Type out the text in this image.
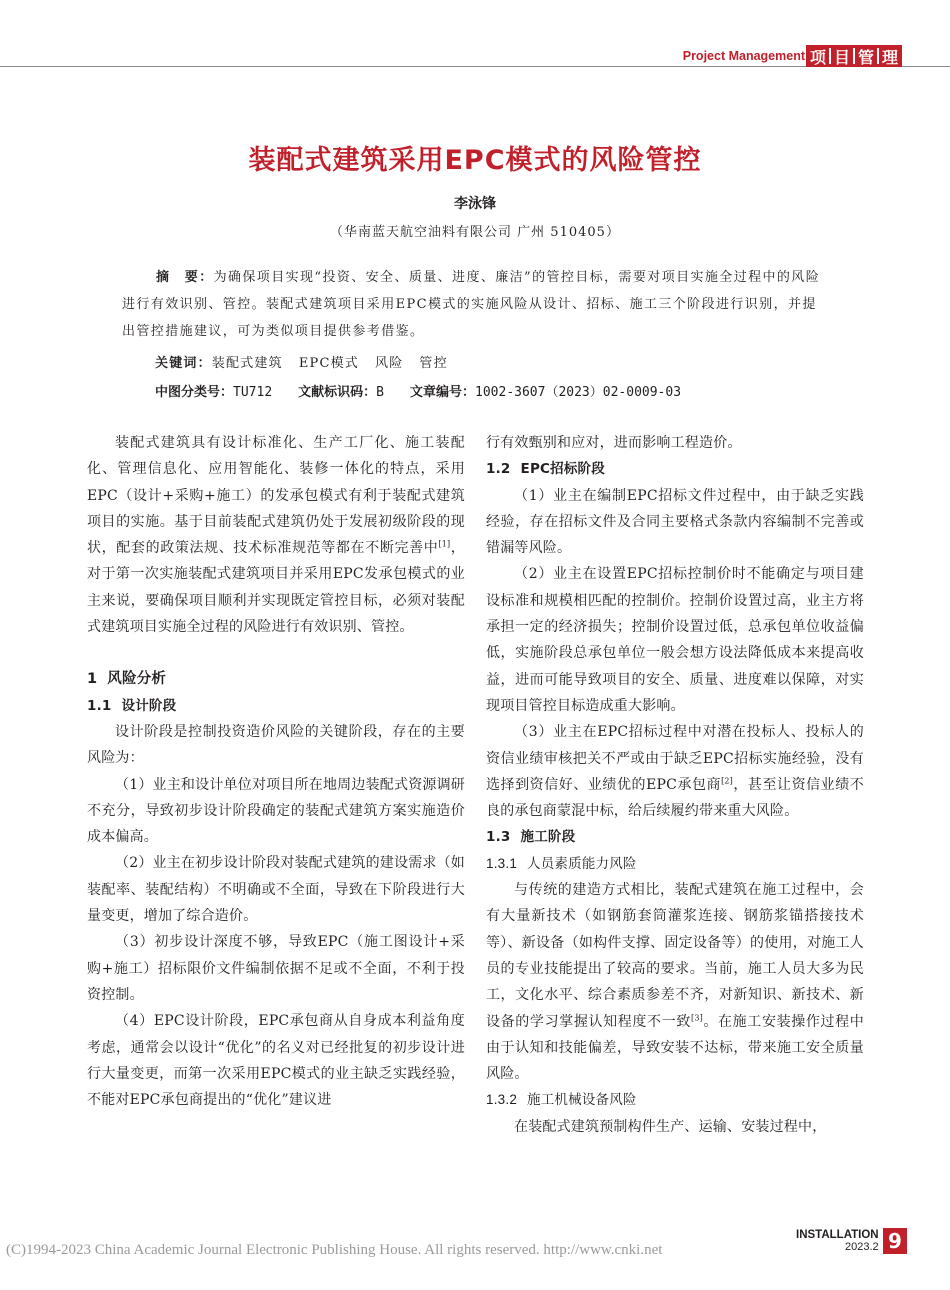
Project Management 项 目 管 理
装配式建筑采用EPC模式的风险管控
李泳锋
（华南蓝天航空油料有限公司 广州 510405）
摘　要：为确保项目实现“投资、安全、质量、进度、廉洁”的管控目标，需要对项目实施全过程中的风险进行有效识别、管控。装配式建筑项目采用EPC模式的实施风险从设计、招标、施工三个阶段进行识别，并提出管控措施建议，可为类似项目提供参考借鉴。
关键词：装配式建筑 EPC模式 风险 管控
中图分类号：TU712 文献标识码：B 文章编号：1002-3607（2023）02-0009-03

装配式建筑具有设计标准化、生产工厂化、施工装配化、管理信息化、应用智能化、装修一体化的特点，采用EPC（设计+采购+施工）的发承包模式有利于装配式建筑项目的实施。基于目前装配式建筑仍处于发展初级阶段的现状，配套的政策法规、技术标准规范等都在不断完善中[1]，对于第一次实施装配式建筑项目并采用EPC发承包模式的业主来说，要确保项目顺利并实现既定管控目标，必须对装配式建筑项目实施全过程的风险进行有效识别、管控。

1 风险分析

1.1 设计阶段

设计阶段是控制投资造价风险的关键阶段，存在的主要风险为：

（1）业主和设计单位对项目所在地周边装配式资源调研不充分，导致初步设计阶段确定的装配式建筑方案实施造价成本偏高。

（2）业主在初步设计阶段对装配式建筑的建设需求（如装配率、装配结构）不明确或不全面，导致在下阶段进行大量变更，增加了综合造价。

（3）初步设计深度不够，导致EPC（施工图设计+采购+施工）招标限价文件编制依据不足或不全面，不利于投资控制。

（4）EPC设计阶段，EPC承包商从自身成本利益角度考虑，通常会以设计“优化”的名义对已经批复的初步设计进行大量变更，而第一次采用EPC模式的业主缺乏实践经验，不能对EPC承包商提出的“优化”建议进

行有效甄别和应对，进而影响工程造价。

1.2 EPC招标阶段

（1）业主在编制EPC招标文件过程中，由于缺乏实践经验，存在招标文件及合同主要格式条款内容编制不完善或错漏等风险。

（2）业主在设置EPC招标控制价时不能确定与项目建设标准和规模相匹配的控制价。控制价设置过高，业主方将承担一定的经济损失；控制价设置过低，总承包单位收益偏低，实施阶段总承包单位一般会想方设法降低成本来提高收益，进而可能导致项目的安全、质量、进度难以保障，对实现项目管控目标造成重大影响。

（3）业主在EPC招标过程中对潜在投标人、投标人的资信业绩审核把关不严或由于缺乏EPC招标实施经验，没有选择到资信好、业绩优的EPC承包商[2]，甚至让资信业绩不良的承包商蒙混中标，给后续履约带来重大风险。

1.3 施工阶段

1.3.1 人员素质能力风险

与传统的建造方式相比，装配式建筑在施工过程中，会有大量新技术（如钢筋套筒灌浆连接、钢筋浆锚搭接技术等）、新设备（如构件支撑、固定设备等）的使用，对施工人员的专业技能提出了较高的要求。当前，施工人员大多为民工，文化水平、综合素质参差不齐，对新知识、新技术、新设备的学习掌握认知程度不一致[3]。在施工安装操作过程中由于认知和技能偏差，导致安装不达标，带来施工安全质量风险。

1.3.2 施工机械设备风险

在装配式建筑预制构件生产、运输、安装过程中，

(C)1994-2023 China Academic Journal Electronic Publishing House. All rights reserved. http://www.cnki.net
INSTALLATION
2023.2 9
